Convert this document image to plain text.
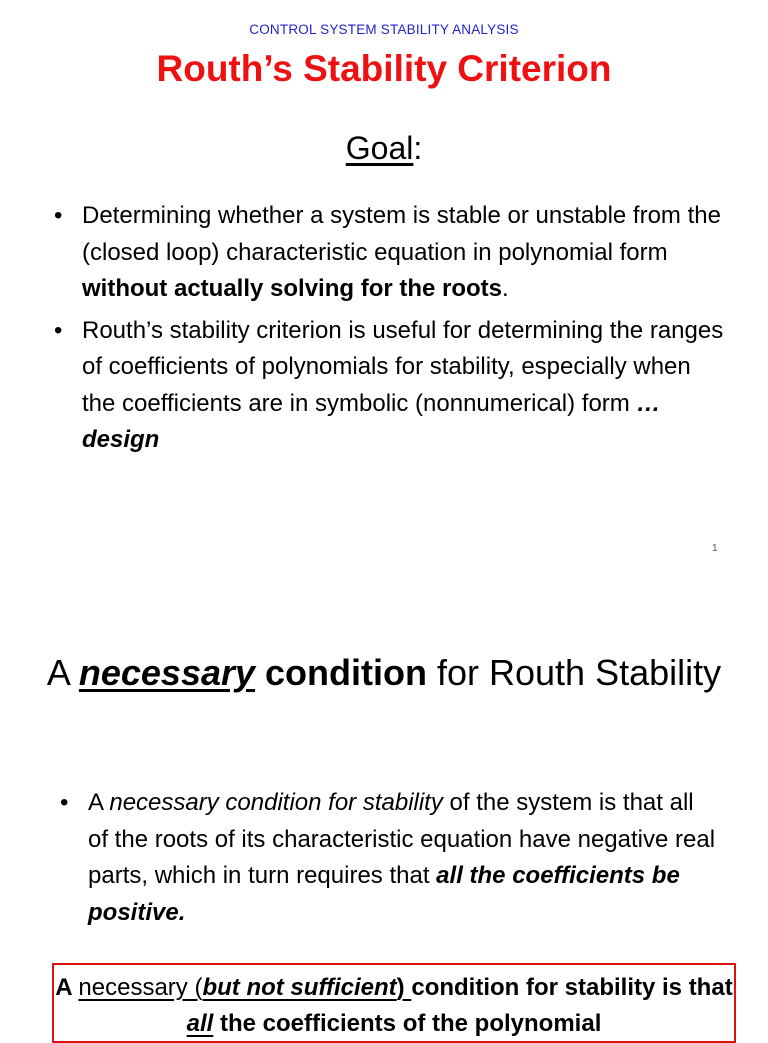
CONTROL SYSTEM STABILITY ANALYSIS
Routh’s Stability Criterion
Goal:
• Determining whether a system is stable or unstable from the (closed loop) characteristic equation in polynomial form without actually solving for the roots.
• Routh’s stability criterion is useful for determining the ranges of coefficients of polynomials for stability, especially when the coefficients are in symbolic (nonnumerical) form …design
1
A necessary condition for Routh Stability
• A necessary condition for stability of the system is that all of the roots of its characteristic equation have negative real parts, which in turn requires that all the coefficients be positive.
A necessary (but not sufficient) condition for stability is that all the coefficients of the polynomial
